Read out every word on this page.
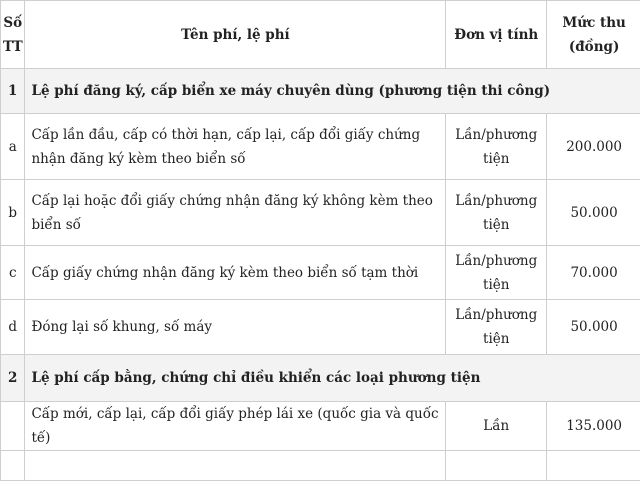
Số TT	Tên phí, lệ phí	Đơn vị tính	Mức thu (đồng)
1	Lệ phí đăng ký, cấp biển xe máy chuyên dùng (phương tiện thi công)		
a	Cấp lần đầu, cấp có thời hạn, cấp lại, cấp đổi giấy chứng nhận đăng ký kèm theo biển số	Lần/phương tiện	200.000
b	Cấp lại hoặc đổi giấy chứng nhận đăng ký không kèm theo biển số	Lần/phương tiện	50.000
c	Cấp giấy chứng nhận đăng ký kèm theo biển số tạm thời	Lần/phương tiện	70.000
d	Đóng lại số khung, số máy	Lần/phương tiện	50.000
2	Lệ phí cấp bằng, chứng chỉ điều khiển các loại phương tiện		
	Cấp mới, cấp lại, cấp đổi giấy phép lái xe (quốc gia và quốc tế)	Lần	135.000
